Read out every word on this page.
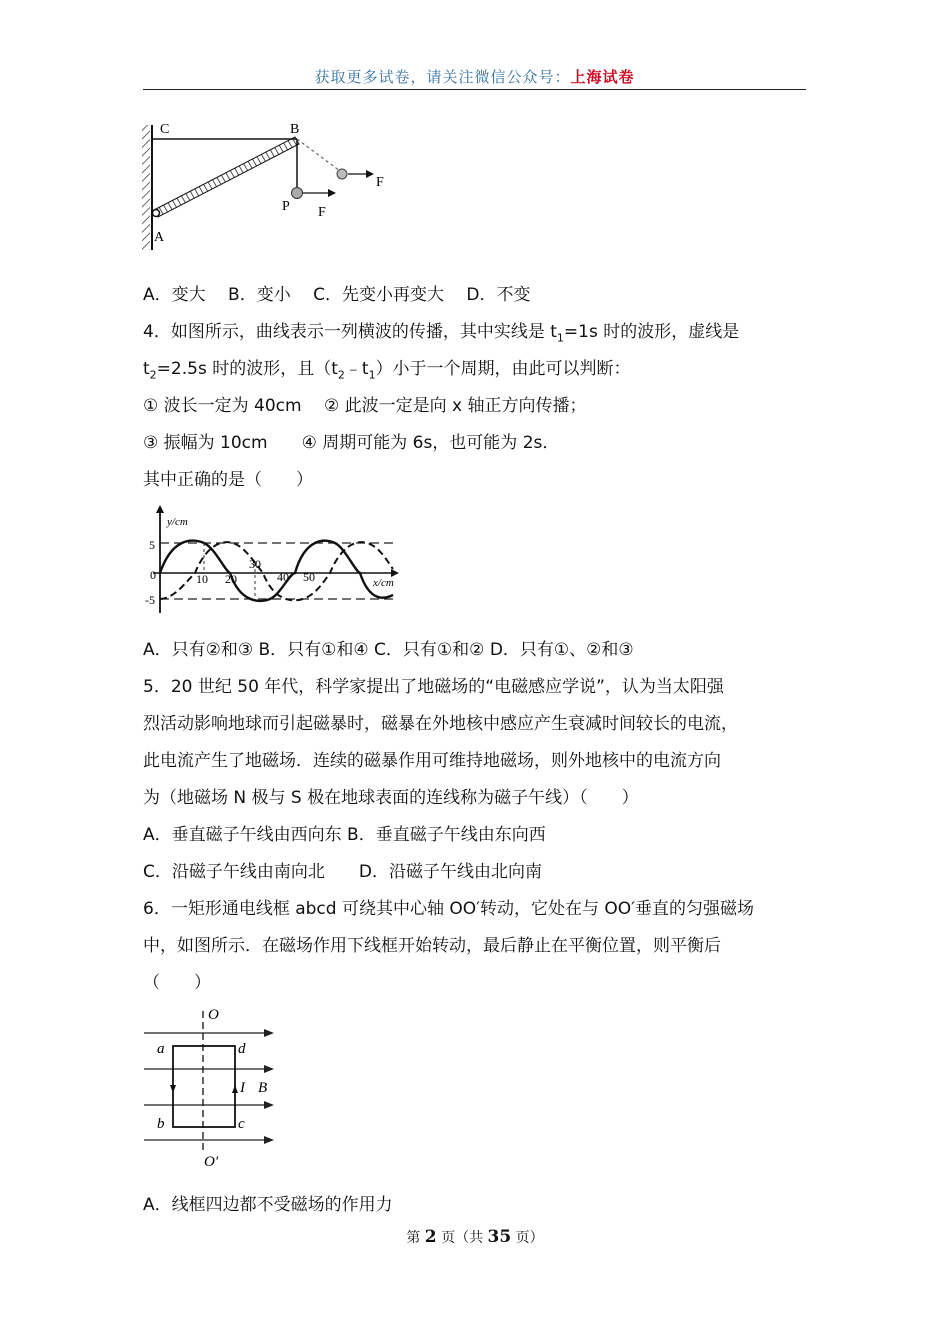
获取更多试卷，请关注微信公众号：上海试卷
C	B
A
P F
F
A．变大　 B．变小　 C．先变小再变大　 D．不变
4．如图所示，曲线表示一列横波的传播，其中实线是 $t_1=1s$ 时的波形，虚线是
$t_2=2.5s$ 时的波形，且$(t_2﹣t_1)$小于一个周期，由此可以判断：
① 波长一定为 40cm　 ② 此波一定是向 x 轴正方向传播；
③ 振幅为 10cm　　④ 周期可能为 6s，也可能为 2s．
其中正确的是（　　）
y/cm
x/cm
5
0
-5
10 20
30
40 50
A．只有②和③ B．只有①和④ C．只有①和② D．只有①、②和③
5．20 世纪 50 年代，科学家提出了地磁场的“电磁感应学说”，认为当太阳强
烈活动影响地球而引起磁暴时，磁暴在外地核中感应产生衰减时间较长的电流，
此电流产生了地磁场．连续的磁暴作用可维持地磁场，则外地核中的电流方向
为（地磁场 N 极与 S 极在地球表面的连线称为磁子午线）（　　）
A．垂直磁子午线由西向东 B．垂直磁子午线由东向西
C．沿磁子午线由南向北　　D．沿磁子午线由北向南
6．一矩形通电线框 abcd 可绕其中心轴 OO′转动，它处在与 OO′垂直的匀强磁场
中，如图所示．在磁场作用下线框开始转动，最后静止在平衡位置，则平衡后
（　　）
O
O′
a	d
b	c
I B
A．线框四边都不受磁场的作用力
第 2 页（共 35 页）
